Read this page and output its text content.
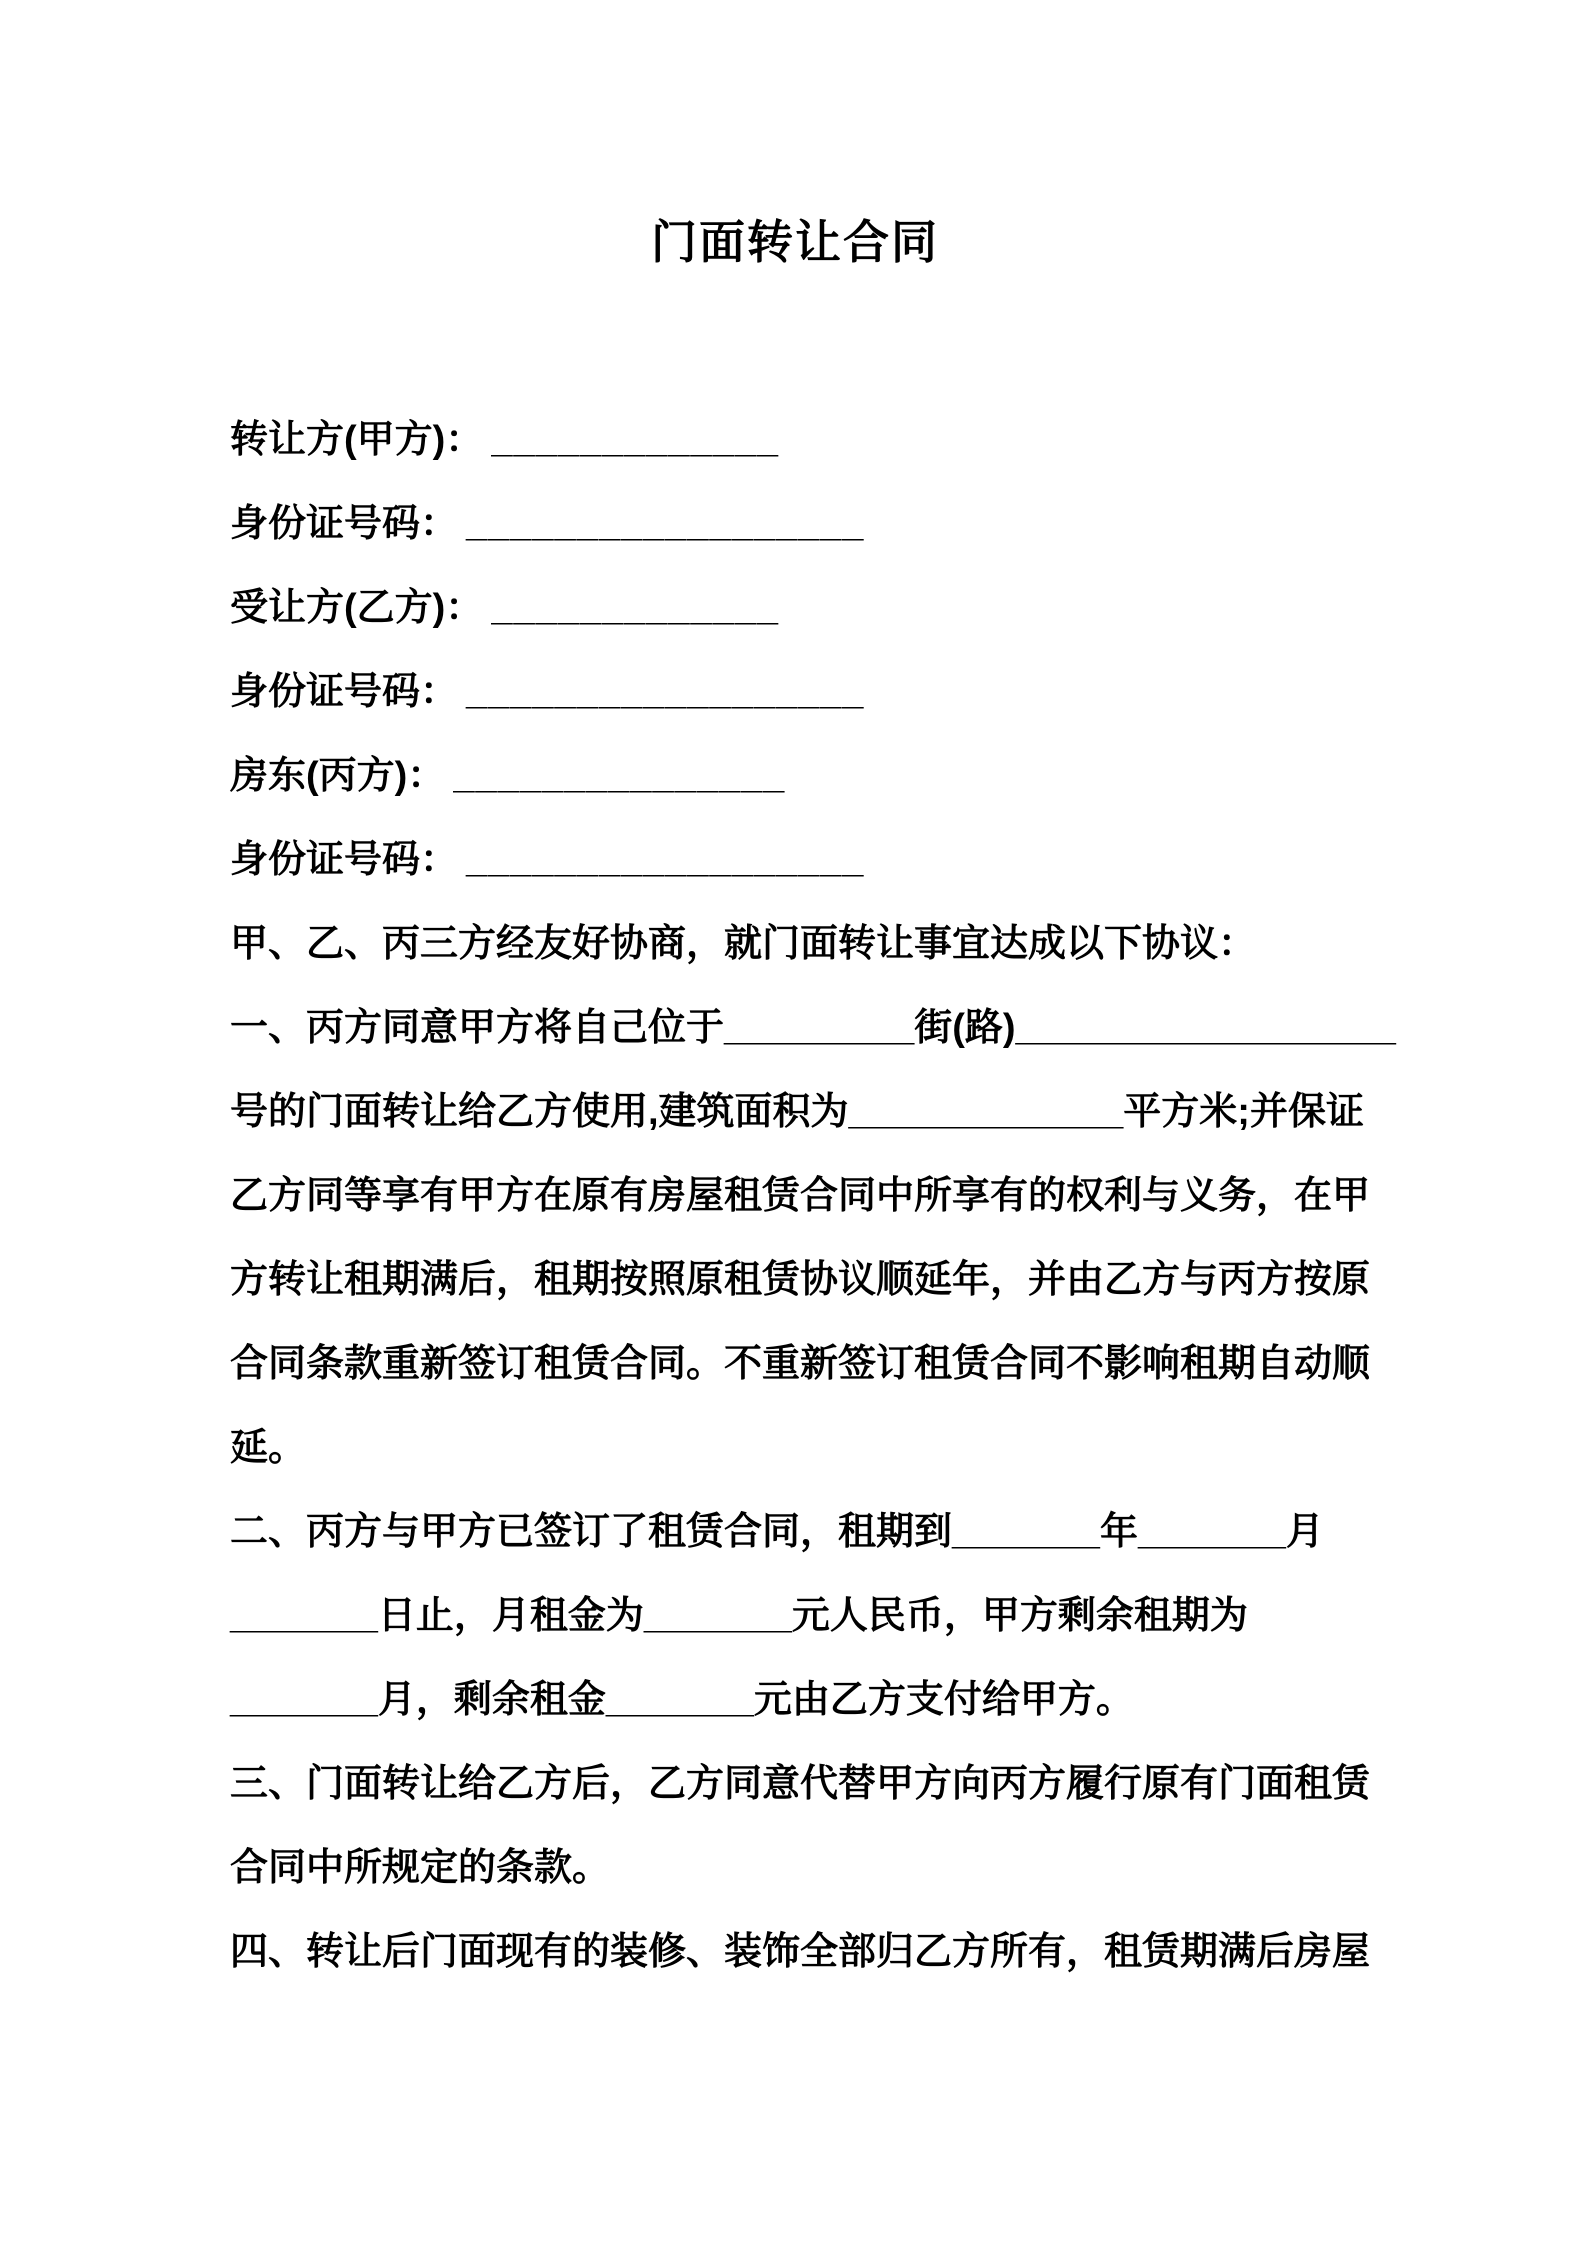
门面转让合同
转让方(甲方)： _____________
身份证号码： __________________
受让方(乙方)： _____________
身份证号码： __________________
房东(丙方)： _______________
身份证号码： __________________
甲、乙、丙三方经友好协商，就门面转让事宜达成以下协议：
一、丙方同意甲方将自己位于_________街(路)__________________
号的门面转让给乙方使用,建筑面积为_____________平方米;并保证
乙方同等享有甲方在原有房屋租赁合同中所享有的权利与义务，在甲
方转让租期满后，租期按照原租赁协议顺延年，并由乙方与丙方按原
合同条款重新签订租赁合同。不重新签订租赁合同不影响租期自动顺
延。
二、丙方与甲方已签订了租赁合同，租期到_______年_______月
_______日止，月租金为_______元人民币，甲方剩余租期为
_______月，剩余租金_______元由乙方支付给甲方。
三、门面转让给乙方后，乙方同意代替甲方向丙方履行原有门面租赁
合同中所规定的条款。
四、转让后门面现有的装修、装饰全部归乙方所有，租赁期满后房屋
